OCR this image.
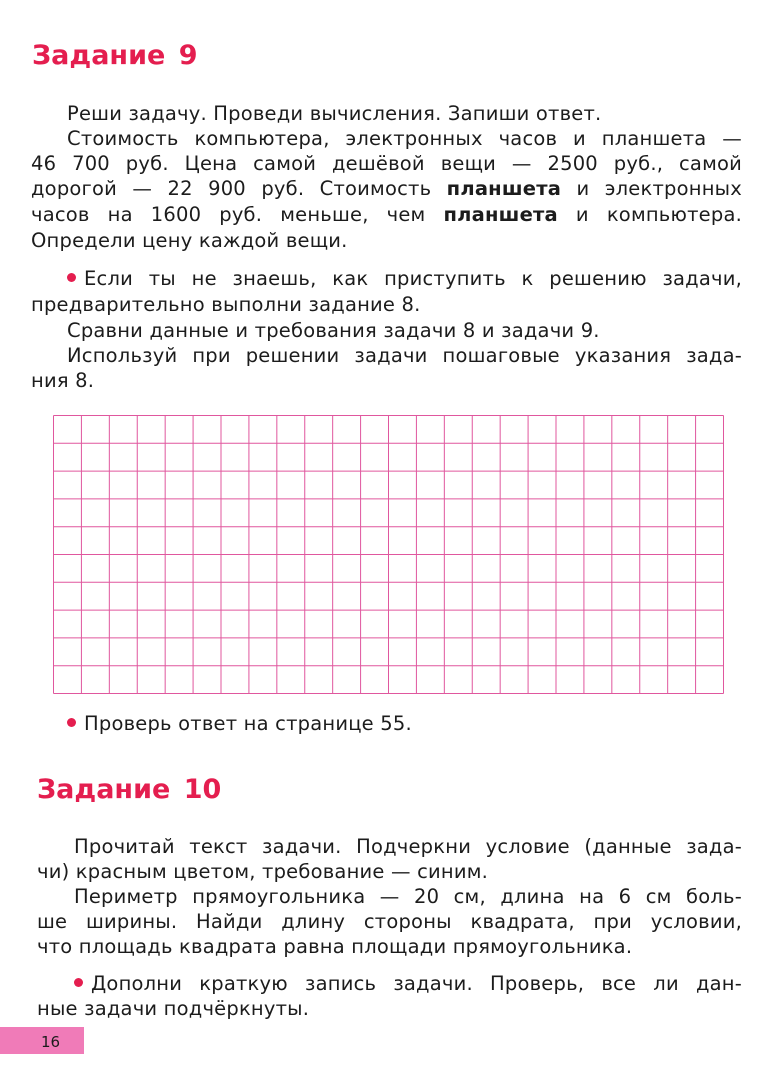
Задание 9

Реши задачу. Проведи вычисления. Запиши ответ.

Стоимость компьютера, электронных часов и планшета —

46 700 руб. Цена самой дешёвой вещи — 2500 руб., самой

дорогой — 22 900 руб. Стоимость планшета и электронных

часов на 1600 руб. меньше, чем планшета и компьютера.

Определи цену каждой вещи.

Если ты не знаешь, как приступить к решению задачи,

предварительно выполни задание 8.

Сравни данные и требования задачи 8 и задачи 9.

Используй при решении задачи пошаговые указания зада-

ния 8.

Проверь ответ на странице 55.

Задание 10

Прочитай текст задачи. Подчеркни условие (данные зада-

чи) красным цветом, требование — синим.

Периметр прямоугольника — 20 см, длина на 6 см боль-

ше ширины. Найди длину стороны квадрата, при условии,

что площадь квадрата равна площади прямоугольника.

Дополни краткую запись задачи. Проверь, все ли дан-

ные задачи подчёркнуты.

16
